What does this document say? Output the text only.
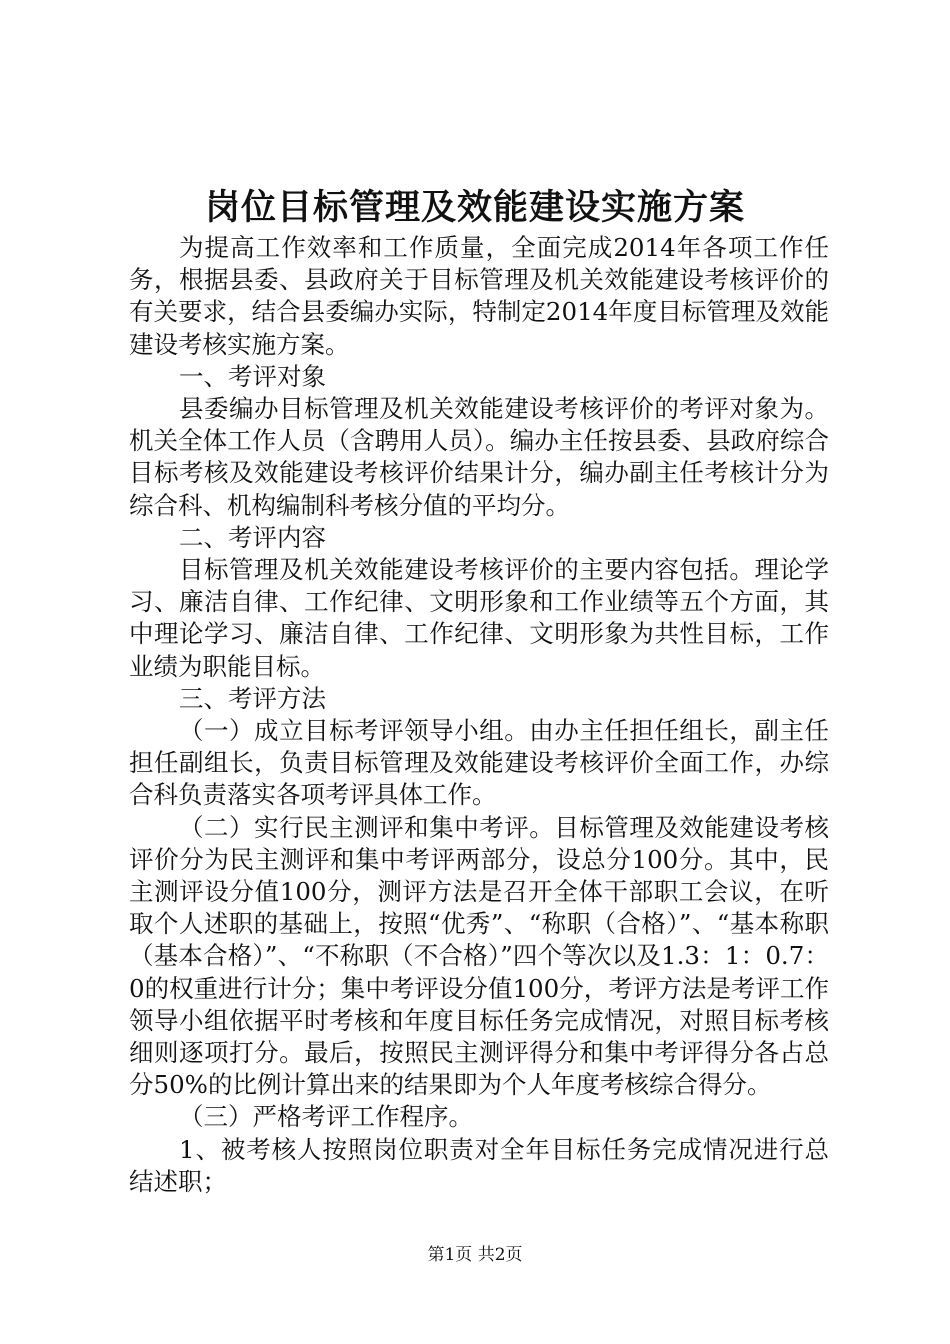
岗位目标管理及效能建设实施方案

为提高工作效率和工作质量，全面完成2014年各项工作任务，根据县委、县政府关于目标管理及机关效能建设考核评价的有关要求，结合县委编办实际，特制定2014年度目标管理及效能建设考核实施方案。

一、考评对象

县委编办目标管理及机关效能建设考核评价的考评对象为。机关全体工作人员（含聘用人员）。编办主任按县委、县政府综合目标考核及效能建设考核评价结果计分，编办副主任考核计分为综合科、机构编制科考核分值的平均分。

二、考评内容

目标管理及机关效能建设考核评价的主要内容包括。理论学习、廉洁自律、工作纪律、文明形象和工作业绩等五个方面，其中理论学习、廉洁自律、工作纪律、文明形象为共性目标，工作业绩为职能目标。

三、考评方法

（一）成立目标考评领导小组。由办主任担任组长，副主任担任副组长，负责目标管理及效能建设考核评价全面工作，办综合科负责落实各项考评具体工作。

（二）实行民主测评和集中考评。目标管理及效能建设考核评价分为民主测评和集中考评两部分，设总分100分。其中，民主测评设分值100分，测评方法是召开全体干部职工会议，在听取个人述职的基础上，按照“优秀”、“称职（合格）”、“基本称职（基本合格）”、“不称职（不合格）”四个等次以及1.3：1：0.7：0的权重进行计分；集中考评设分值100分，考评方法是考评工作领导小组依据平时考核和年度目标任务完成情况，对照目标考核细则逐项打分。最后，按照民主测评得分和集中考评得分各占总分50%的比例计算出来的结果即为个人年度考核综合得分。

（三）严格考评工作程序。

1、被考核人按照岗位职责对全年目标任务完成情况进行总结述职；

第1页 共2页
